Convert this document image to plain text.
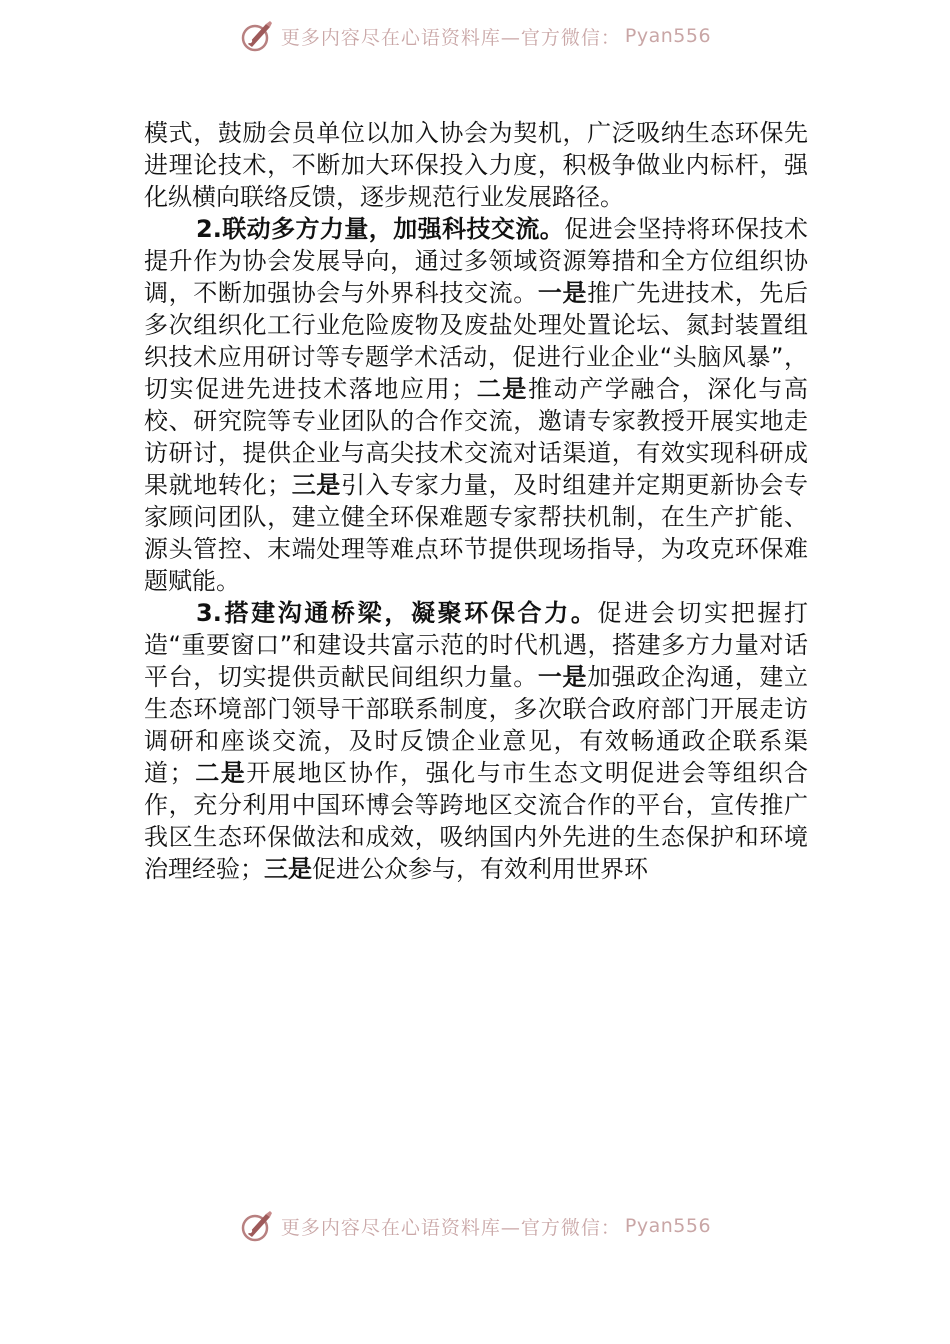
更多内容尽在心语资料库—官方微信： Pyan556

模式，鼓励会员单位以加入协会为契机，广泛吸纳生态环保先进理论技术，不断加大环保投入力度，积极争做业内标杆，强化纵横向联络反馈，逐步规范行业发展路径。

2.联动多方力量，加强科技交流。促进会坚持将环保技术提升作为协会发展导向，通过多领域资源筹措和全方位组织协调，不断加强协会与外界科技交流。一是推广先进技术，先后多次组织化工行业危险废物及废盐处理处置论坛、氮封装置组织技术应用研讨等专题学术活动，促进行业企业“头脑风暴”，切实促进先进技术落地应用；二是推动产学融合，深化与高校、研究院等专业团队的合作交流，邀请专家教授开展实地走访研讨，提供企业与高尖技术交流对话渠道，有效实现科研成果就地转化；三是引入专家力量，及时组建并定期更新协会专家顾问团队，建立健全环保难题专家帮扶机制，在生产扩能、源头管控、末端处理等难点环节提供现场指导，为攻克环保难题赋能。

3.搭建沟通桥梁，凝聚环保合力。促进会切实把握打造“重要窗口”和建设共富示范的时代机遇，搭建多方力量对话平台，切实提供贡献民间组织力量。一是加强政企沟通，建立生态环境部门领导干部联系制度，多次联合政府部门开展走访调研和座谈交流，及时反馈企业意见，有效畅通政企联系渠道；二是开展地区协作，强化与市生态文明促进会等组织合作，充分利用中国环博会等跨地区交流合作的平台，宣传推广我区生态环保做法和成效，吸纳国内外先进的生态保护和环境治理经验；三是促进公众参与，有效利用世界环

更多内容尽在心语资料库—官方微信： Pyan556
